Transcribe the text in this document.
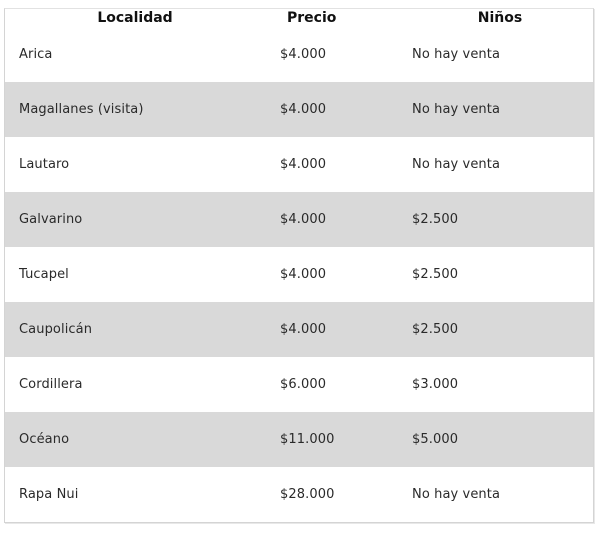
Localidad	Precio	Niños
Arica	$4.000	No hay venta
Magallanes (visita)	$4.000	No hay venta
Lautaro	$4.000	No hay venta
Galvarino	$4.000	$2.500
Tucapel	$4.000	$2.500
Caupolicán	$4.000	$2.500
Cordillera	$6.000	$3.000
Océano	$11.000	$5.000
Rapa Nui	$28.000	No hay venta
